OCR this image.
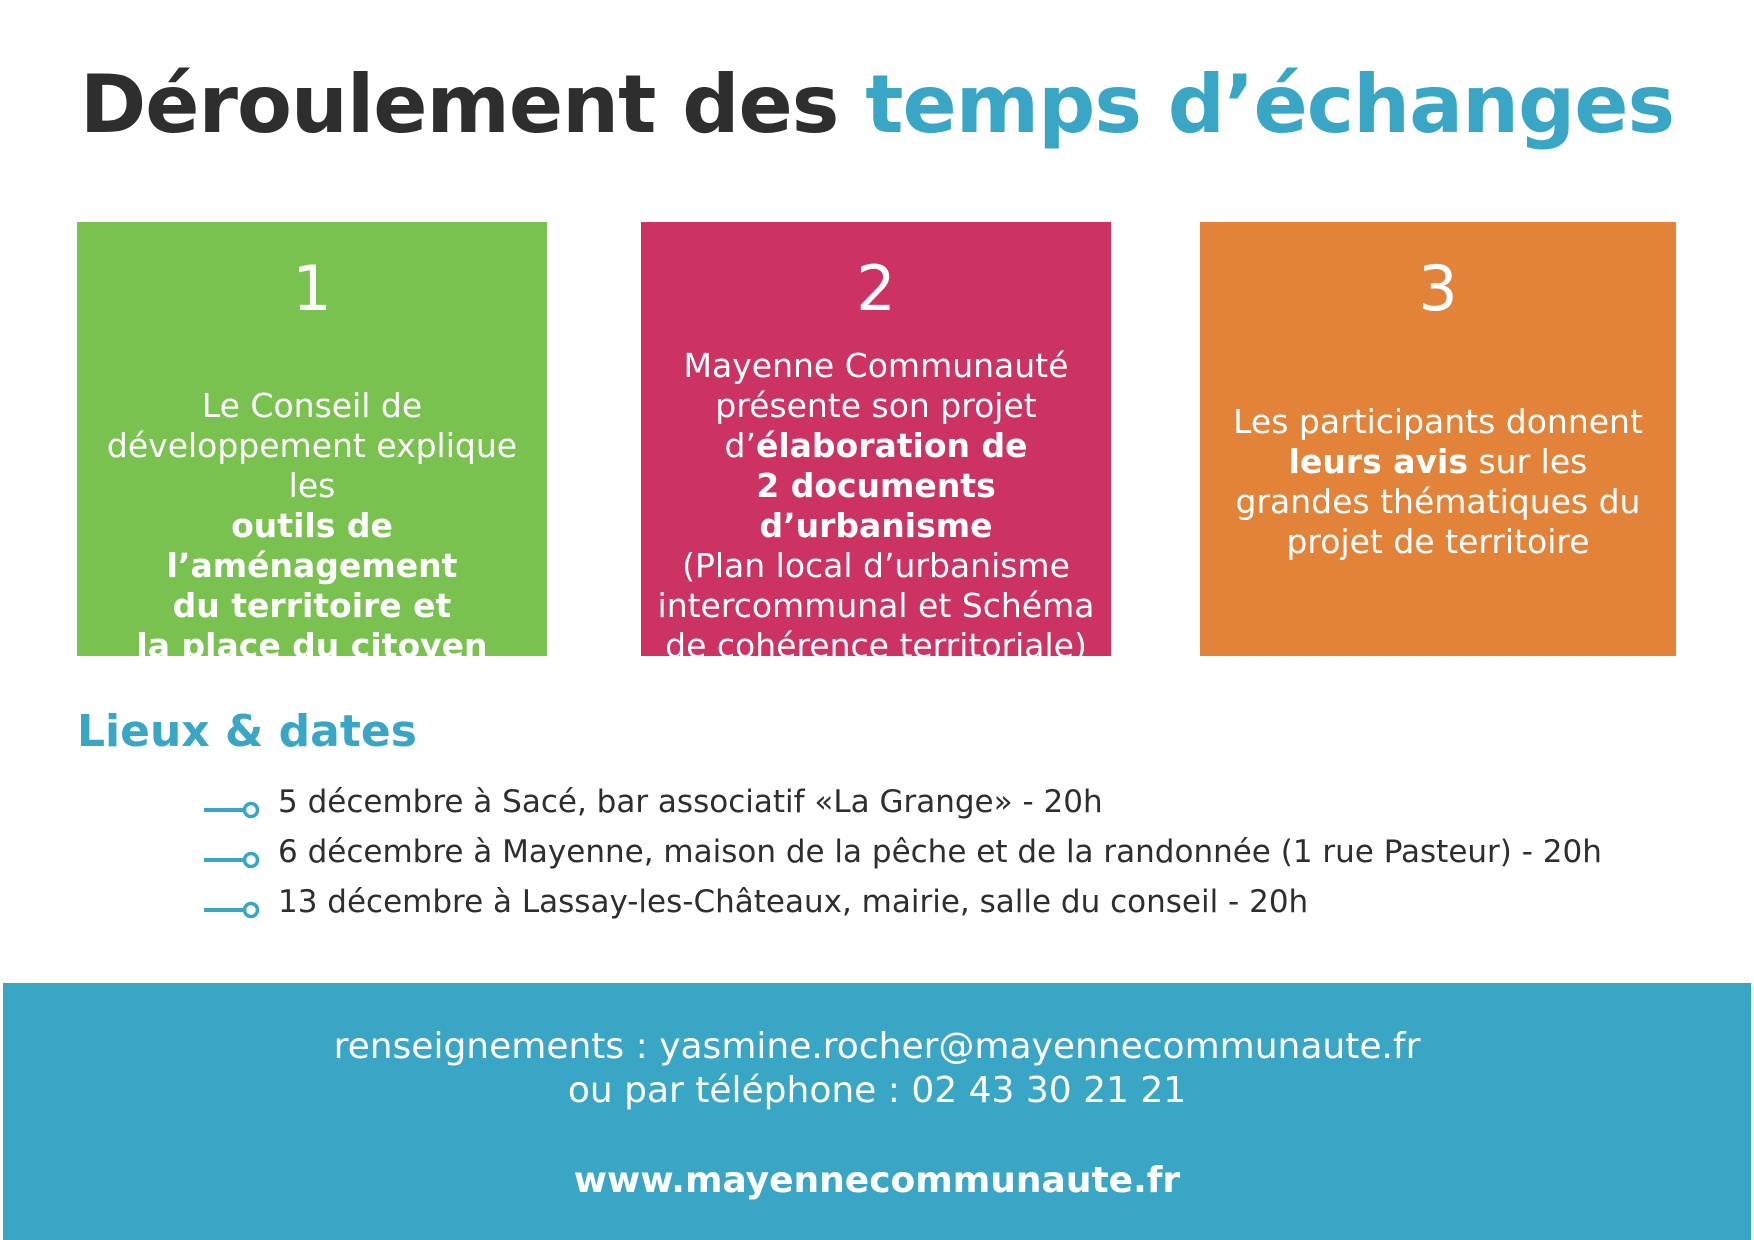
Déroulement des temps d’échanges
1
Le Conseil de
développement explique les
outils de l’aménagement
du territoire et
la place du citoyen
2
Mayenne Communauté
présente son projet
d’élaboration de
2 documents d’urbanisme
(Plan local d’urbanisme
intercommunal et Schéma
de cohérence territoriale)
3
Les participants donnent
leurs avis sur les
grandes thématiques du
projet de territoire
Lieux & dates
5 décembre à Sacé, bar associatif «La Grange» - 20h
6 décembre à Mayenne, maison de la pêche et de la randonnée (1 rue Pasteur) - 20h
13 décembre à Lassay-les-Châteaux, mairie, salle du conseil - 20h
renseignements : yasmine.rocher@mayennecommunaute.fr
ou par téléphone : 02 43 30 21 21
www.mayennecommunaute.fr
